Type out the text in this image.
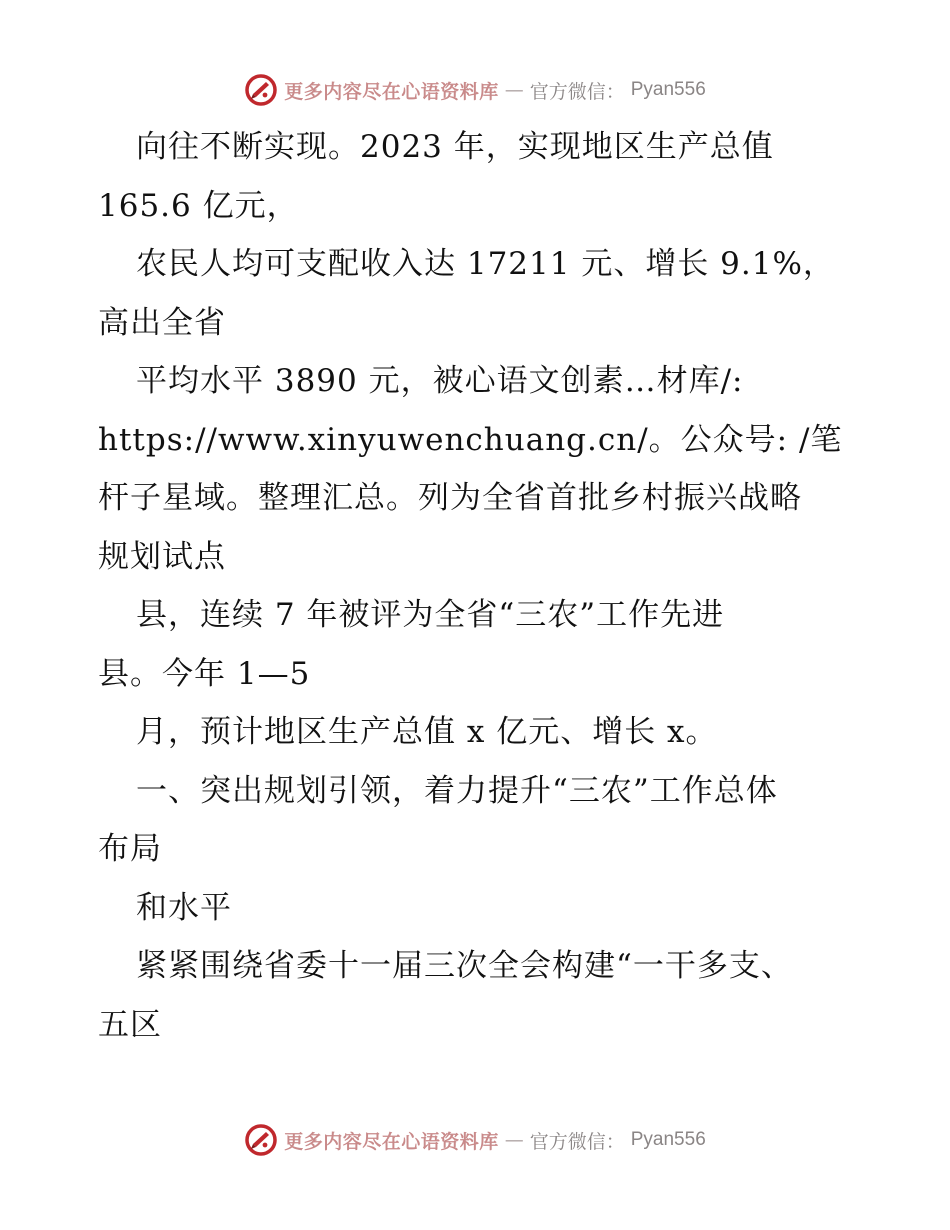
更多内容尽在心语资料库 — 官方微信： Pyan556
向往不断实现。2023 年，实现地区生产总值
165.6 亿元，
农民人均可支配收入达 17211 元、增长 9.1%，
高出全省
平均水平 3890 元，被心语文创素…材库/:
https://www.xinyuwenchuang.cn/。公众号: /笔
杆子星域。整理汇总。列为全省首批乡村振兴战略
规划试点
县，连续 7 年被评为全省“三农”工作先进
县。今年 1—5
月，预计地区生产总值 x 亿元、增长 x。
一、突出规划引领，着力提升“三农”工作总体
布局
和水平
紧紧围绕省委十一届三次全会构建“一干多支、
五区
更多内容尽在心语资料库 — 官方微信： Pyan556
